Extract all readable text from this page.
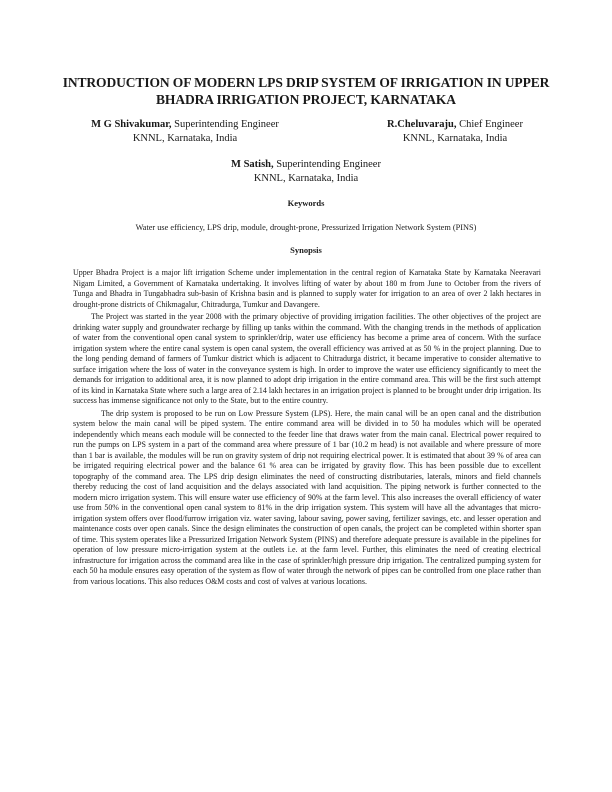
INTRODUCTION OF MODERN LPS DRIP SYSTEM OF IRRIGATION IN UPPER BHADRA IRRIGATION PROJECT, KARNATAKA
M G Shivakumar, Superintending Engineer
KNNL, Karnataka, India
R.Cheluvaraju, Chief Engineer
KNNL, Karnataka, India
M Satish, Superintending Engineer
KNNL, Karnataka, India
Keywords
Water use efficiency, LPS drip, module, drought-prone, Pressurized Irrigation Network System (PINS)
Synopsis

Upper Bhadra Project is a major lift irrigation Scheme under implementation in the central region of Karnataka State by Karnataka Neeravari Nigam Limited, a Government of Karnataka undertaking. It involves lifting of water by about 180 m from June to October from the rivers of Tunga and Bhadra in Tungabhadra sub-basin of Krishna basin and is planned to supply water for irrigation to an area of over 2 lakh hectares in drought-prone districts of Chikmagalur, Chitradurga, Tumkur and Davangere.

The Project was started in the year 2008 with the primary objective of providing irrigation facilities. The other objectives of the project are drinking water supply and groundwater recharge by filling up tanks within the command. With the changing trends in the methods of application of water from the conventional open canal system to sprinkler/drip, water use efficiency has become a prime area of concern. With the surface irrigation system where the entire canal system is open canal system, the overall efficiency was arrived at as 50 % in the project planning. Due to the long pending demand of farmers of Tumkur district which is adjacent to Chitradurga district, it became imperative to consider alternative to surface irrigation where the loss of water in the conveyance system is high. In order to improve the water use efficiency significantly to meet the demands for irrigation to additional area, it is now planned to adopt drip irrigation in the entire command area. This will be the first such attempt of its kind in Karnataka State where such a large area of 2.14 lakh hectares in an irrigation project is planned to be brought under drip irrigation. Its success has immense significance not only to the State, but to the entire country.

The drip system is proposed to be run on Low Pressure System (LPS). Here, the main canal will be an open canal and the distribution system below the main canal will be piped system. The entire command area will be divided in to 50 ha modules which will be operated independently which means each module will be connected to the feeder line that draws water from the main canal. Electrical power required to run the pumps on LPS system in a part of the command area where pressure of 1 bar (10.2 m head) is not available and where pressure of more than 1 bar is available, the modules will be run on gravity system of drip not requiring electrical power. It is estimated that about 39 % of area can be irrigated requiring electrical power and the balance 61 % area can be irrigated by gravity flow. This has been possible due to excellent topography of the command area. The LPS drip design eliminates the need of constructing distributaries, laterals, minors and field channels thereby reducing the cost of land acquisition and the delays associated with land acquisition. The piping network is further connected to the modern micro irrigation system. This will ensure water use efficiency of 90% at the farm level. This also increases the overall efficiency of water use from 50% in the conventional open canal system to 81% in the drip irrigation system. This system will have all the advantages that micro-irrigation system offers over flood/furrow irrigation viz. water saving, labour saving, power saving, fertilizer savings, etc. and lesser operation and maintenance costs over open canals. Since the design eliminates the construction of open canals, the project can be completed within shorter span of time. This system operates like a Pressurized Irrigation Network System (PINS) and therefore adequate pressure is available in the pipelines for operation of low pressure micro-irrigation system at the outlets i.e. at the farm level. Further, this eliminates the need of creating electrical infrastructure for irrigation across the command area like in the case of sprinkler/high pressure drip irrigation. The centralized pumping system for each 50 ha module ensures easy operation of the system as flow of water through the network of pipes can be controlled from one place rather than from various locations. This also reduces O&M costs and cost of valves at various locations.
